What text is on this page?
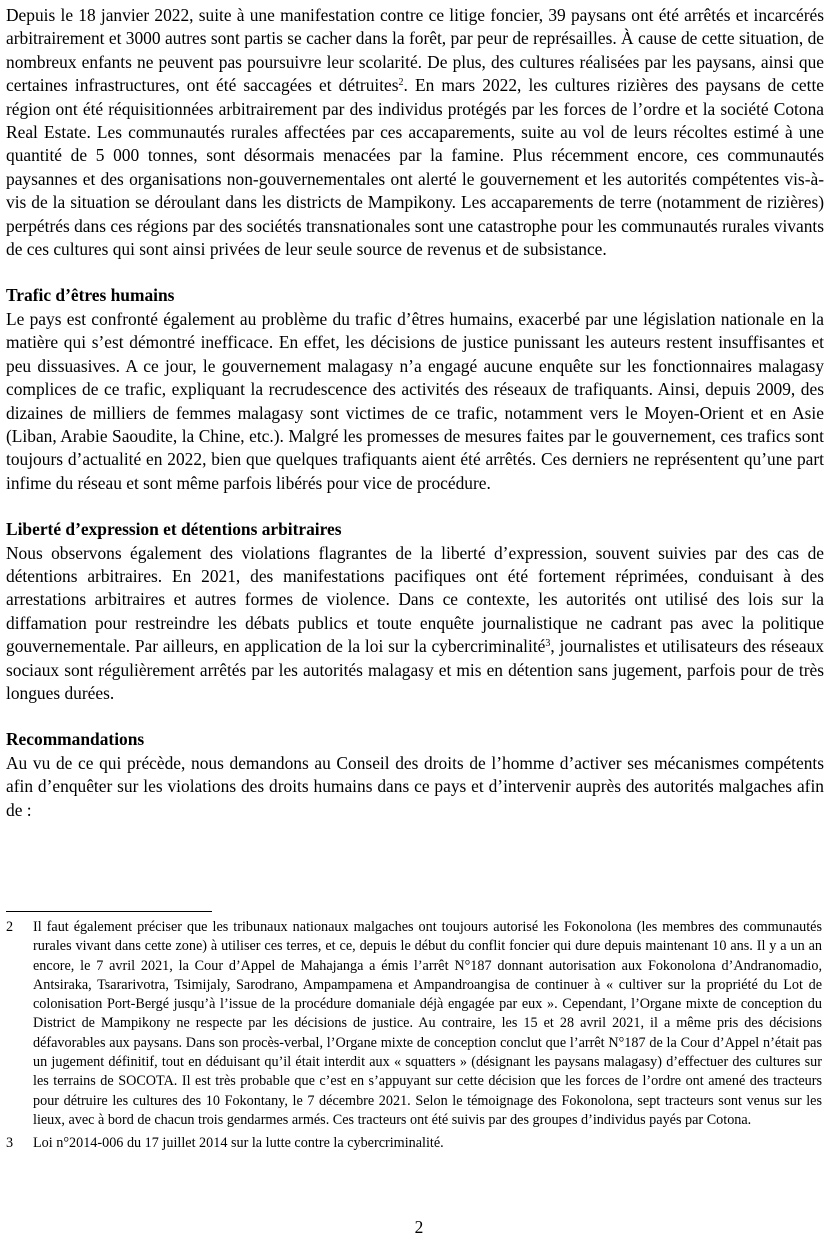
Depuis le 18 janvier 2022, suite à une manifestation contre ce litige foncier, 39 paysans ont été arrêtés et incarcérés arbitrairement et 3000 autres sont partis se cacher dans la forêt, par peur de représailles. À cause de cette situation, de nombreux enfants ne peuvent pas poursuivre leur scolarité. De plus, des cultures réalisées par les paysans, ainsi que certaines infrastructures, ont été saccagées et détruites$^2$. En mars 2022, les cultures rizières des paysans de cette région ont été réquisitionnées arbitrairement par des individus protégés par les forces de l’ordre et la société Cotona Real Estate. Les communautés rurales affectées par ces accaparements, suite au vol de leurs récoltes estimé à une quantité de 5 000 tonnes, sont désormais menacées par la famine. Plus récemment encore, ces communautés paysannes et des organisations non-gouvernementales ont alerté le gouvernement et les autorités compétentes vis-à-vis de la situation se déroulant dans les districts de Mampikony. Les accaparements de terre (notamment de rizières) perpétrés dans ces régions par des sociétés transnationales sont une catastrophe pour les communautés rurales vivants de ces cultures qui sont ainsi privées de leur seule source de revenus et de subsistance.

Trafic d’êtres humains

Le pays est confronté également au problème du trafic d’êtres humains, exacerbé par une législation nationale en la matière qui s’est démontré inefficace. En effet, les décisions de justice punissant les auteurs restent insuffisantes et peu dissuasives. A ce jour, le gouvernement malagasy n’a engagé aucune enquête sur les fonctionnaires malagasy complices de ce trafic, expliquant la recrudescence des activités des réseaux de trafiquants. Ainsi, depuis 2009, des dizaines de milliers de femmes malagasy sont victimes de ce trafic, notamment vers le Moyen-Orient et en Asie (Liban, Arabie Saoudite, la Chine, etc.). Malgré les promesses de mesures faites par le gouvernement, ces trafics sont toujours d’actualité en 2022, bien que quelques trafiquants aient été arrêtés. Ces derniers ne représentent qu’une part infime du réseau et sont même parfois libérés pour vice de procédure.

Liberté d’expression et détentions arbitraires

Nous observons également des violations flagrantes de la liberté d’expression, souvent suivies par des cas de détentions arbitraires. En 2021, des manifestations pacifiques ont été fortement réprimées, conduisant à des arrestations arbitraires et autres formes de violence. Dans ce contexte, les autorités ont utilisé des lois sur la diffamation pour restreindre les débats publics et toute enquête journalistique ne cadrant pas avec la politique gouvernementale. Par ailleurs, en application de la loi sur la cybercriminalité$^3$, journalistes et utilisateurs des réseaux sociaux sont régulièrement arrêtés par les autorités malagasy et mis en détention sans jugement, parfois pour de très longues durées.

Recommandations

Au vu de ce qui précède, nous demandons au Conseil des droits de l’homme d’activer ses mécanismes compétents afin d’enquêter sur les violations des droits humains dans ce pays et d’intervenir auprès des autorités malgaches afin de :

2	Il faut également préciser que les tribunaux nationaux malgaches ont toujours autorisé les Fokonolona (les membres des communautés rurales vivant dans cette zone) à utiliser ces terres, et ce, depuis le début du conflit foncier qui dure depuis maintenant 10 ans. Il y a un an encore, le 7 avril 2021, la Cour d’Appel de Mahajanga a émis l’arrêt N°187 donnant autorisation aux Fokonolona d’Andranomadio, Antsiraka, Tsararivotra, Tsimijaly, Sarodrano, Ampampamena et Ampandroangisa de continuer à « cultiver sur la propriété du Lot de colonisation Port-Bergé jusqu’à l’issue de la procédure domaniale déjà engagée par eux ». Cependant, l’Organe mixte de conception du District de Mampikony ne respecte par les décisions de justice. Au contraire, les 15 et 28 avril 2021, il a même pris des décisions défavorables aux paysans. Dans son procès-verbal, l’Organe mixte de conception conclut que l’arrêt N°187 de la Cour d’Appel n’était pas un jugement définitif, tout en déduisant qu’il était interdit aux « squatters » (désignant les paysans malagasy) d’effectuer des cultures sur les terrains de SOCOTA. Il est très probable que c’est en s’appuyant sur cette décision que les forces de l’ordre ont amené des tracteurs pour détruire les cultures des 10 Fokontany, le 7 décembre 2021. Selon le témoignage des Fokonolona, sept tracteurs sont venus sur les lieux, avec à bord de chacun trois gendarmes armés. Ces tracteurs ont été suivis par des groupes d’individus payés par Cotona.
3	Loi n°2014-006 du 17 juillet 2014 sur la lutte contre la cybercriminalité.
2
